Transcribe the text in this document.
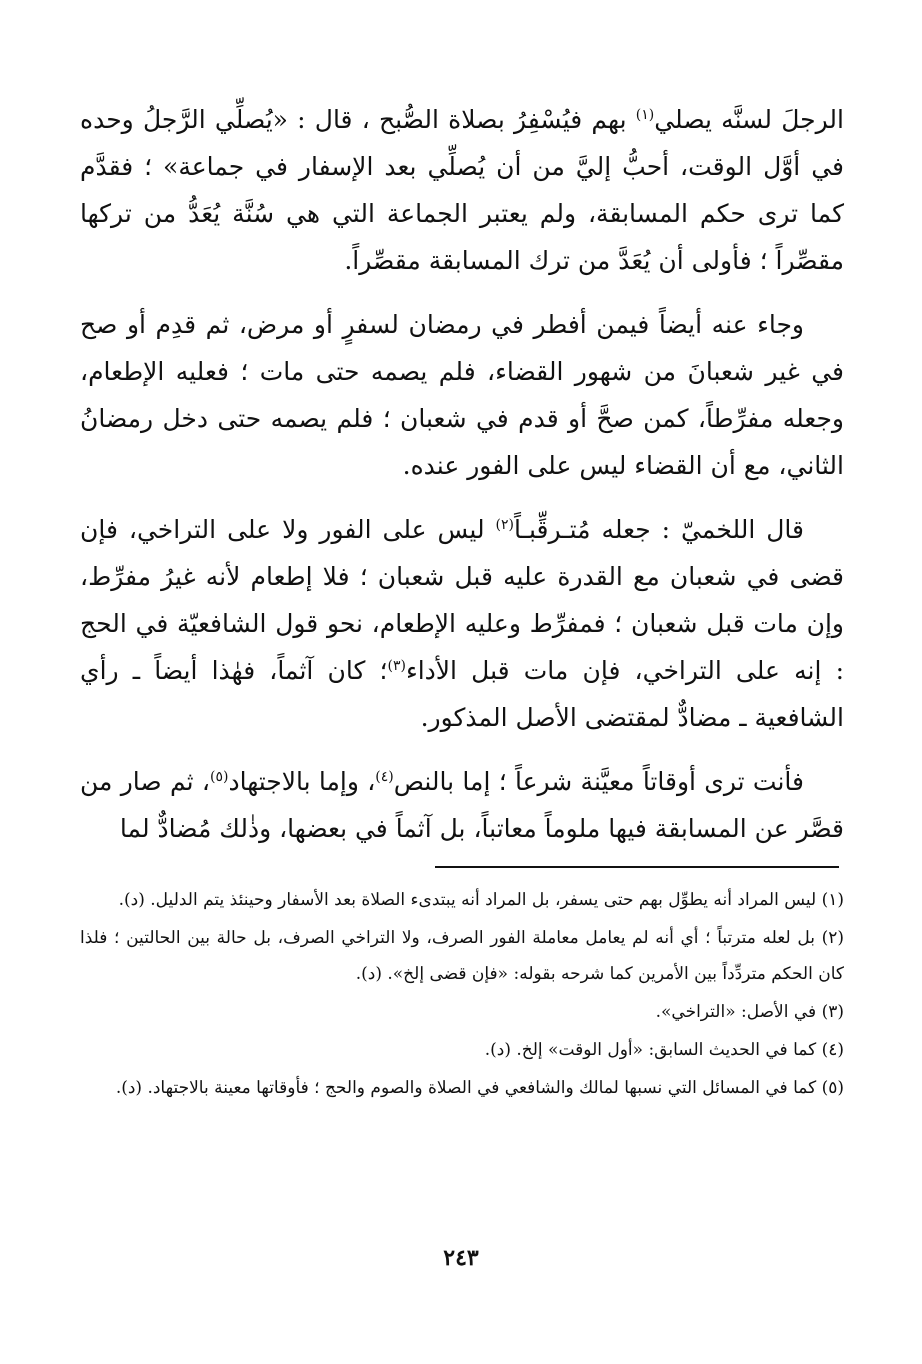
الرجلَ لسنَّه يصلي$^{(١)}$ بهم فيُسْفِرُ بصلاة الصُّبح ، قال : «يُصلِّي الرَّجلُ وحده في أوَّل الوقت، أحبُّ إليَّ من أن يُصلِّي بعد الإسفار في جماعة» ؛ فقدَّم كما ترى حكم المسابقة، ولم يعتبر الجماعة التي هي سُنَّة يُعَدُّ من تركها مقصِّراً ؛ فأولى أن يُعَدَّ من ترك المسابقة مقصِّراً.

وجاء عنه أيضاً فيمن أفطر في رمضان لسفرٍ أو مرض، ثم قدِم أو صح في غير شعبانَ من شهور القضاء، فلم يصمه حتى مات ؛ فعليه الإطعام، وجعله مفرِّطاً، كمن صحَّ أو قدم في شعبان ؛ فلم يصمه حتى دخل رمضانُ الثاني، مع أن القضاء ليس على الفور عنده.

قال اللخميّ : جعله مُتـرقِّبـاً$^{(٢)}$ ليس على الفور ولا على التراخي، فإن قضى في شعبان مع القدرة عليه قبل شعبان ؛ فلا إطعام لأنه غيرُ مفرِّط، وإن مات قبل شعبان ؛ فمفرِّط وعليه الإطعام، نحو قول الشافعيّة في الحج : إنه على التراخي، فإن مات قبل الأداء$^{(٣)}$؛ كان آثماً، فهٰذا أيضاً ـ رأي الشافعية ـ مضادٌّ لمقتضى الأصل المذكور.

فأنت ترى أوقاتاً معيَّنة شرعاً ؛ إما بالنص$^{(٤)}$، وإما بالاجتهاد$^{(٥)}$، ثم صار من قصَّر عن المسابقة فيها ملوماً معاتباً، بل آثماً في بعضها، وذٰلك مُضادٌّ لما

(١) ليس المراد أنه يطوِّل بهم حتى يسفر، بل المراد أنه يبتدىء الصلاة بعد الأسفار وحينئذ يتم الدليل. (د).

(٢) بل لعله مترتباً ؛ أي أنه لم يعامل معاملة الفور الصرف، ولا التراخي الصرف، بل حالة بين الحالتين ؛ فلذا كان الحكم متردِّداً بين الأمرين كما شرحه بقوله: «فإن قضى إلخ». (د).

(٣) في الأصل: «التراخي».

(٤) كما في الحديث السابق: «أول الوقت» إلخ. (د).

(٥) كما في المسائل التي نسبها لمالك والشافعي في الصلاة والصوم والحج ؛ فأوقاتها معينة بالاجتهاد. (د).

٢٤٣
